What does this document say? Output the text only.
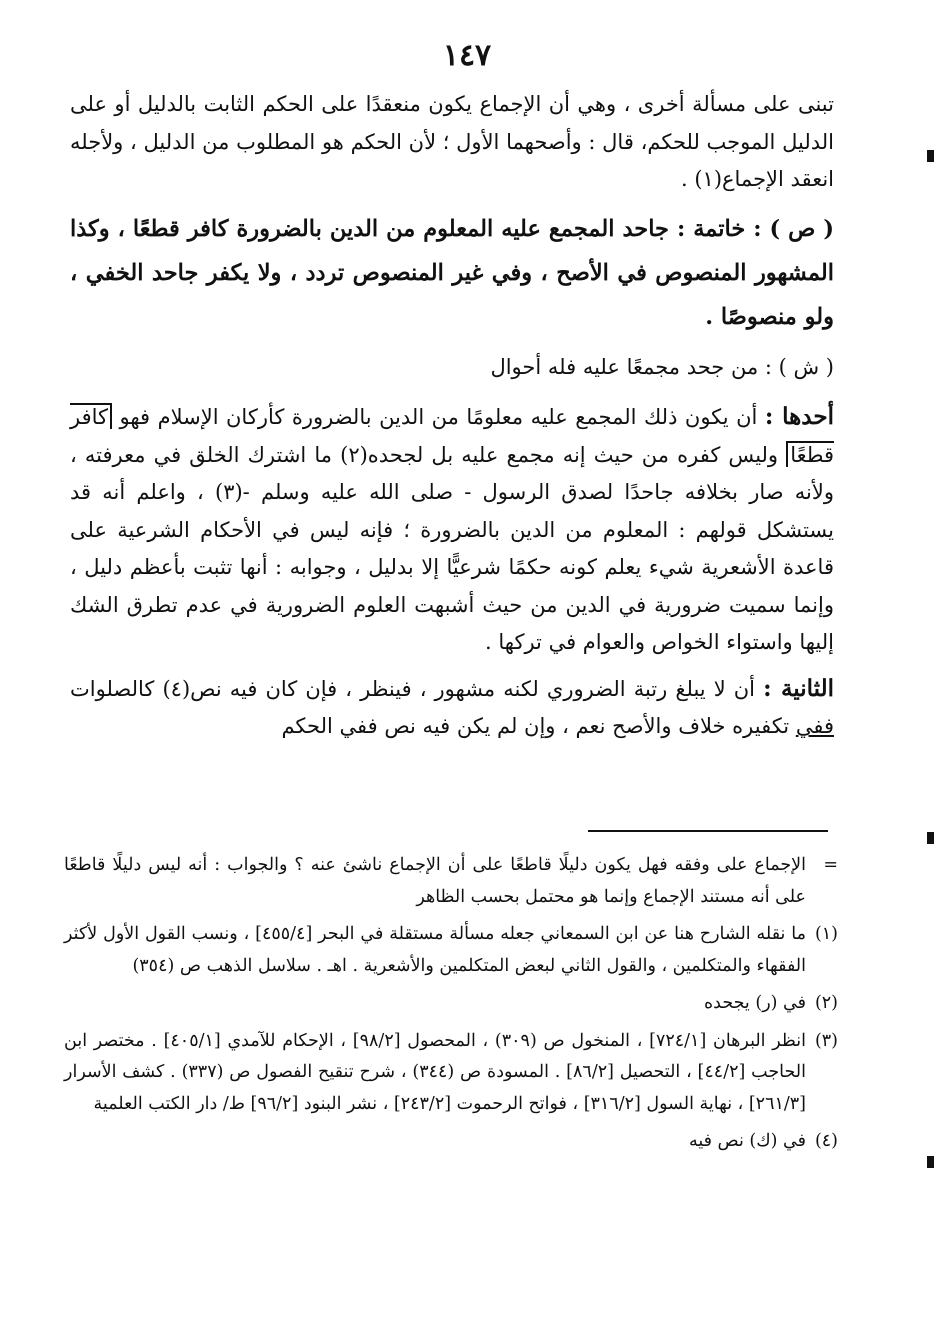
١٤٧

تبنى على مسألة أخرى ، وهي أن الإجماع يكون منعقدًا على الحكم الثابت بالدليل أو على الدليل الموجب للحكم، قال : وأصحهما الأول ؛ لأن الحكم هو المطلوب من الدليل ، ولأجله انعقد الإجماع(١) .

( ص ) : خاتمة : جاحد المجمع عليه المعلوم من الدين بالضرورة كافر قطعًا ، وكذا المشهور المنصوص في الأصح ، وفي غير المنصوص تردد ، ولا يكفر جاحد الخفي ، ولو منصوصًا .

( ش ) : من جحد مجمعًا عليه فله أحوال

أحدها : أن يكون ذلك المجمع عليه معلومًا من الدين بالضرورة كأركان الإسلام فهو كافر قطعًا وليس كفره من حيث إنه مجمع عليه بل لجحده(٢) ما اشترك الخلق في معرفته ، ولأنه صار بخلافه جاحدًا لصدق الرسول - صلى الله عليه وسلم -(٣) ، واعلم أنه قد يستشكل قولهم : المعلوم من الدين بالضرورة ؛ فإنه ليس في الأحكام الشرعية على قاعدة الأشعرية شيء يعلم كونه حكمًا شرعيًّا إلا بدليل ، وجوابه : أنها تثبت بأعظم دليل ، وإنما سميت ضرورية في الدين من حيث أشبهت العلوم الضرورية في عدم تطرق الشك إليها واستواء الخواص والعوام في تركها .

الثانية : أن لا يبلغ رتبة الضروري لكنه مشهور ، فينظر ، فإن كان فيه نص(٤) كالصلوات ففي تكفيره خلاف والأصح نعم ، وإن لم يكن فيه نص ففي الحكم

=
الإجماع على وفقه فهل يكون دليلًا قاطعًا على أن الإجماع ناشئ عنه ؟ والجواب : أنه ليس دليلًا قاطعًا على أنه مستند الإجماع وإنما هو محتمل بحسب الظاهر
(١)
ما نقله الشارح هنا عن ابن السمعاني جعله مسألة مستقلة في البحر [٤٥٥/٤] ، ونسب القول الأول لأكثر الفقهاء والمتكلمين ، والقول الثاني لبعض المتكلمين والأشعرية . اهـ . سلاسل الذهب ص (٣٥٤)
(٢)
في (ر) يجحده
(٣)
انظر البرهان [٧٢٤/١] ، المنخول ص (٣٠٩) ، المحصول [٩٨/٢] ، الإحكام للآمدي [٤٠٥/١] . مختصر ابن الحاجب [٤٤/٢] ، التحصيل [٨٦/٢] . المسودة ص (٣٤٤) ، شرح تنقيح الفصول ص (٣٣٧) . كشف الأسرار [٢٦١/٣] ، نهاية السول [٣١٦/٢] ، فواتح الرحموت [٢٤٣/٢] ، نشر البنود [٩٦/٢] ط/ دار الكتب العلمية
(٤)
في (ك) نص فيه
